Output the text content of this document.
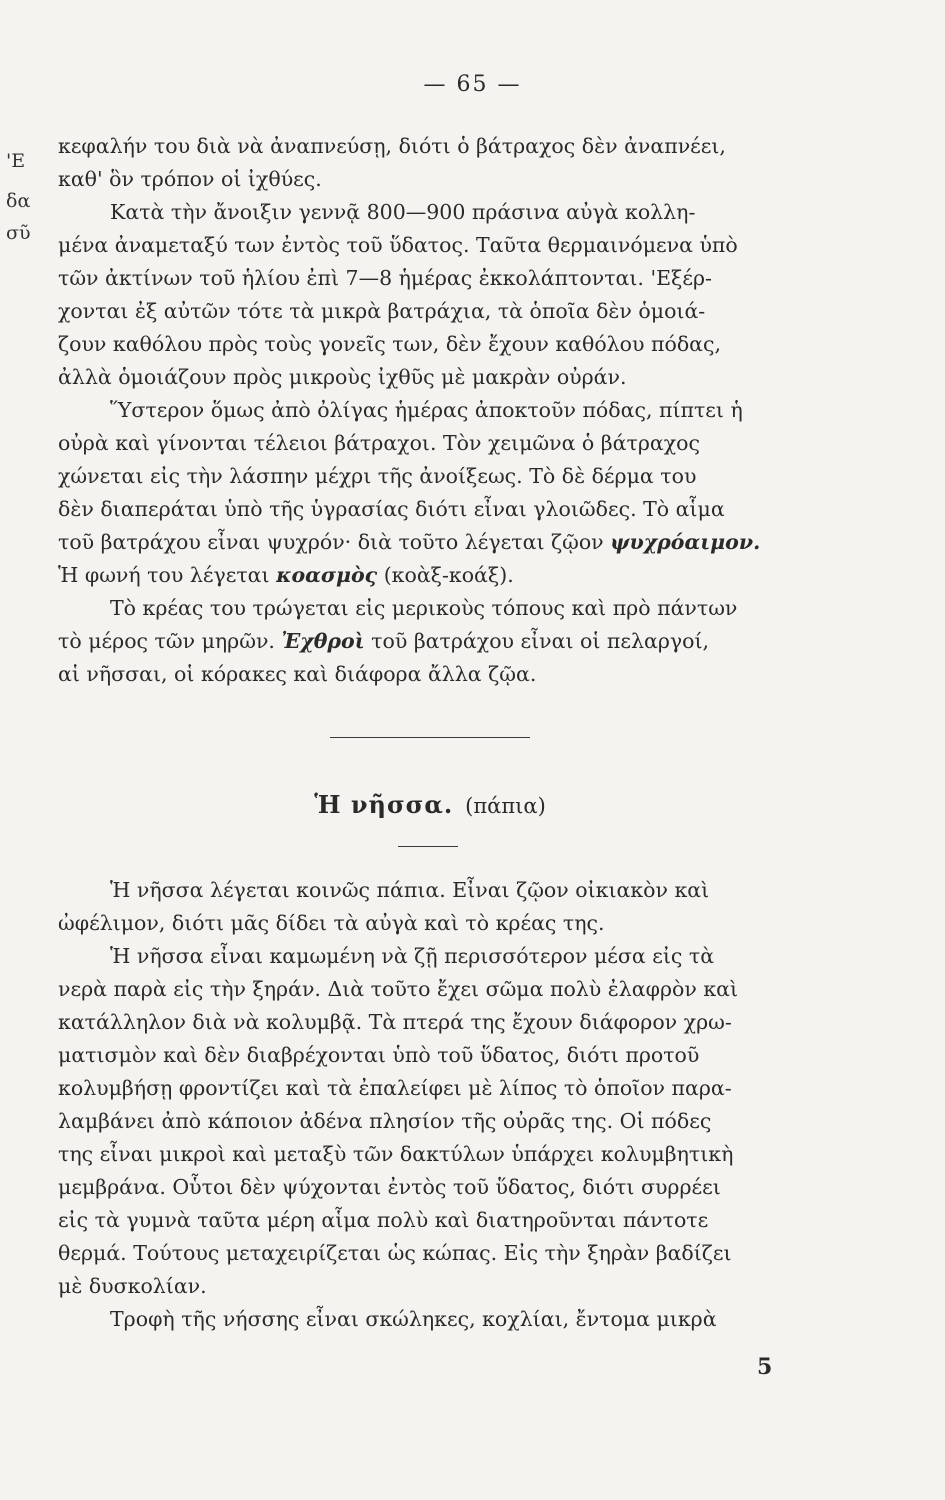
— 65 —
'Ε
δα
σῦ
κεφαλήν του διὰ νὰ ἀναπνεύσῃ, διότι ὁ βάτραχος δὲν ἀναπνέει,
καθ' ὃν τρόπον οἱ ἰχθύες.
Κατὰ τὴν ἄνοιξιν γεννᾷ 800—900 πράσινα αὐγὰ κολλη-
μένα ἀναμεταξύ των ἐντὸς τοῦ ὕδατος. Ταῦτα θερμαινόμενα ὑπὸ
τῶν ἀκτίνων τοῦ ἡλίου ἐπὶ 7—8 ἡμέρας ἐκκολάπτονται. 'Εξέρ-
χονται ἐξ αὐτῶν τότε τὰ μικρὰ βατράχια, τὰ ὁποῖα δὲν ὁμοιά-
ζουν καθόλου πρὸς τοὺς γονεῖς των, δὲν ἔχουν καθόλου πόδας,
ἀλλὰ ὁμοιάζουν πρὸς μικροὺς ἰχθῦς μὲ μακρὰν οὐράν.
Ὕστερον ὅμως ἀπὸ ὀλίγας ἡμέρας ἀποκτοῦν πόδας, πίπτει ἡ
οὐρὰ καὶ γίνονται τέλειοι βάτραχοι. Τὸν χειμῶνα ὁ βάτραχος
χώνεται εἰς τὴν λάσπην μέχρι τῆς ἀνοίξεως. Τὸ δὲ δέρμα του
δὲν διαπεράται ὑπὸ τῆς ὑγρασίας διότι εἶναι γλοιῶδες. Τὸ αἷμα
τοῦ βατράχου εἶναι ψυχρόν· διὰ τοῦτο λέγεται ζῷον ψυχρόαιμον.
Ἡ φωνή του λέγεται κοασμὸς (κοὰξ-κοάξ).
Τὸ κρέας του τρώγεται εἰς μερικοὺς τόπους καὶ πρὸ πάντων
τὸ μέρος τῶν μηρῶν. Ἐχθροὶ τοῦ βατράχου εἶναι οἱ πελαργοί,
αἱ νῆσσαι, οἱ κόρακες καὶ διάφορα ἄλλα ζῷα.
Ἡ νῆσσα. (πάπια)
Ἡ νῆσσα λέγεται κοινῶς πάπια. Εἶναι ζῷον οἰκιακὸν καὶ
ὠφέλιμον, διότι μᾶς δίδει τὰ αὐγὰ καὶ τὸ κρέας της.
Ἡ νῆσσα εἶναι καμωμένη νὰ ζῇ περισσότερον μέσα εἰς τὰ
νερὰ παρὰ εἰς τὴν ξηράν. Διὰ τοῦτο ἔχει σῶμα πολὺ ἐλαφρὸν καὶ
κατάλληλον διὰ νὰ κολυμβᾷ. Τὰ πτερά της ἔχουν διάφορον χρω-
ματισμὸν καὶ δὲν διαβρέχονται ὑπὸ τοῦ ὕδατος, διότι προτοῦ
κολυμβήσῃ φροντίζει καὶ τὰ ἐπαλείφει μὲ λίπος τὸ ὁποῖον παρα-
λαμβάνει ἀπὸ κάποιον ἀδένα πλησίον τῆς οὐρᾶς της. Οἱ πόδες
της εἶναι μικροὶ καὶ μεταξὺ τῶν δακτύλων ὑπάρχει κολυμβητικὴ
μεμβράνα. Οὗτοι δὲν ψύχονται ἐντὸς τοῦ ὕδατος, διότι συρρέει
εἰς τὰ γυμνὰ ταῦτα μέρη αἷμα πολὺ καὶ διατηροῦνται πάντοτε
θερμά. Τούτους μεταχειρίζεται ὡς κώπας. Εἰς τὴν ξηρὰν βαδίζει
μὲ δυσκολίαν.
Τροφὴ τῆς νήσσης εἶναι σκώληκες, κοχλίαι, ἔντομα μικρὰ
5
